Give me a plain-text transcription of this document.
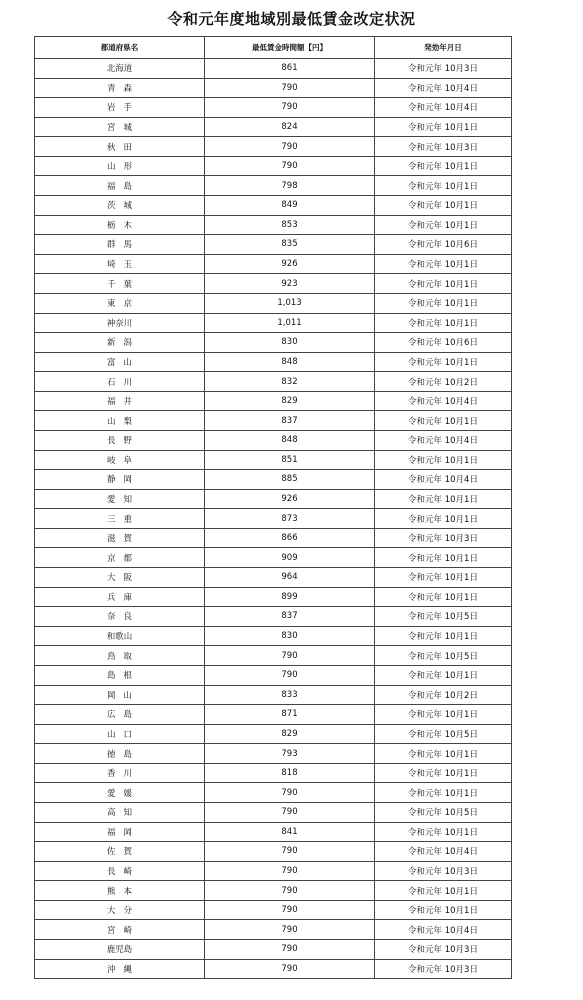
令和元年度地域別最低賃金改定状況
都道府県名	最低賃金時間額【円】	発効年月日
北海道	861	令和元年 10月3日
青森	790	令和元年 10月4日
岩手	790	令和元年 10月4日
宮城	824	令和元年 10月1日
秋田	790	令和元年 10月3日
山形	790	令和元年 10月1日
福島	798	令和元年 10月1日
茨城	849	令和元年 10月1日
栃木	853	令和元年 10月1日
群馬	835	令和元年 10月6日
埼玉	926	令和元年 10月1日
千葉	923	令和元年 10月1日
東京	1,013	令和元年 10月1日
神奈川	1,011	令和元年 10月1日
新潟	830	令和元年 10月6日
富山	848	令和元年 10月1日
石川	832	令和元年 10月2日
福井	829	令和元年 10月4日
山梨	837	令和元年 10月1日
長野	848	令和元年 10月4日
岐阜	851	令和元年 10月1日
静岡	885	令和元年 10月4日
愛知	926	令和元年 10月1日
三重	873	令和元年 10月1日
滋賀	866	令和元年 10月3日
京都	909	令和元年 10月1日
大阪	964	令和元年 10月1日
兵庫	899	令和元年 10月1日
奈良	837	令和元年 10月5日
和歌山	830	令和元年 10月1日
鳥取	790	令和元年 10月5日
島根	790	令和元年 10月1日
岡山	833	令和元年 10月2日
広島	871	令和元年 10月1日
山口	829	令和元年 10月5日
徳島	793	令和元年 10月1日
香川	818	令和元年 10月1日
愛媛	790	令和元年 10月1日
高知	790	令和元年 10月5日
福岡	841	令和元年 10月1日
佐賀	790	令和元年 10月4日
長崎	790	令和元年 10月3日
熊本	790	令和元年 10月1日
大分	790	令和元年 10月1日
宮崎	790	令和元年 10月4日
鹿児島	790	令和元年 10月3日
沖縄	790	令和元年 10月3日
